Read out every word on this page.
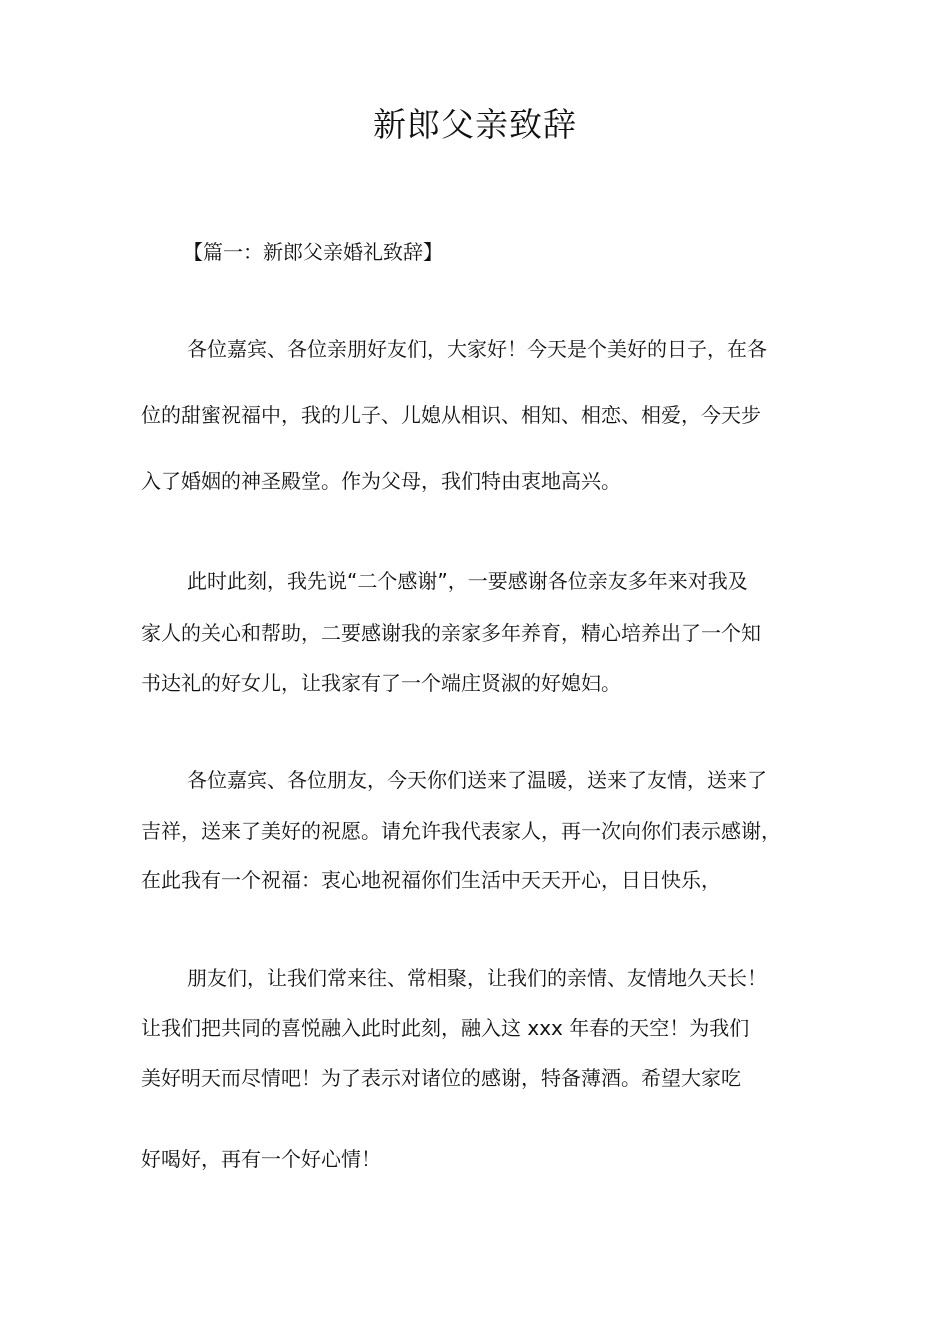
新郎父亲致辞
【篇一：新郎父亲婚礼致辞】
各位嘉宾、各位亲朋好友们，大家好！今天是个美好的日子，在各
位的甜蜜祝福中，我的儿子、儿媳从相识、相知、相恋、相爱，今天步
入了婚姻的神圣殿堂。作为父母，我们特由衷地高兴。
此时此刻，我先说“二个感谢”，一要感谢各位亲友多年来对我及
家人的关心和帮助，二要感谢我的亲家多年养育，精心培养出了一个知
书达礼的好女儿，让我家有了一个端庄贤淑的好媳妇。
各位嘉宾、各位朋友，今天你们送来了温暖，送来了友情，送来了
吉祥，送来了美好的祝愿。请允许我代表家人，再一次向你们表示感谢，
在此我有一个祝福：衷心地祝福你们生活中天天开心，日日快乐，
朋友们，让我们常来往、常相聚，让我们的亲情、友情地久天长！
让我们把共同的喜悦融入此时此刻，融入这 xxx 年春的天空！为我们
美好明天而尽情吧！为了表示对诸位的感谢，特备薄酒。希望大家吃
好喝好，再有一个好心情！
